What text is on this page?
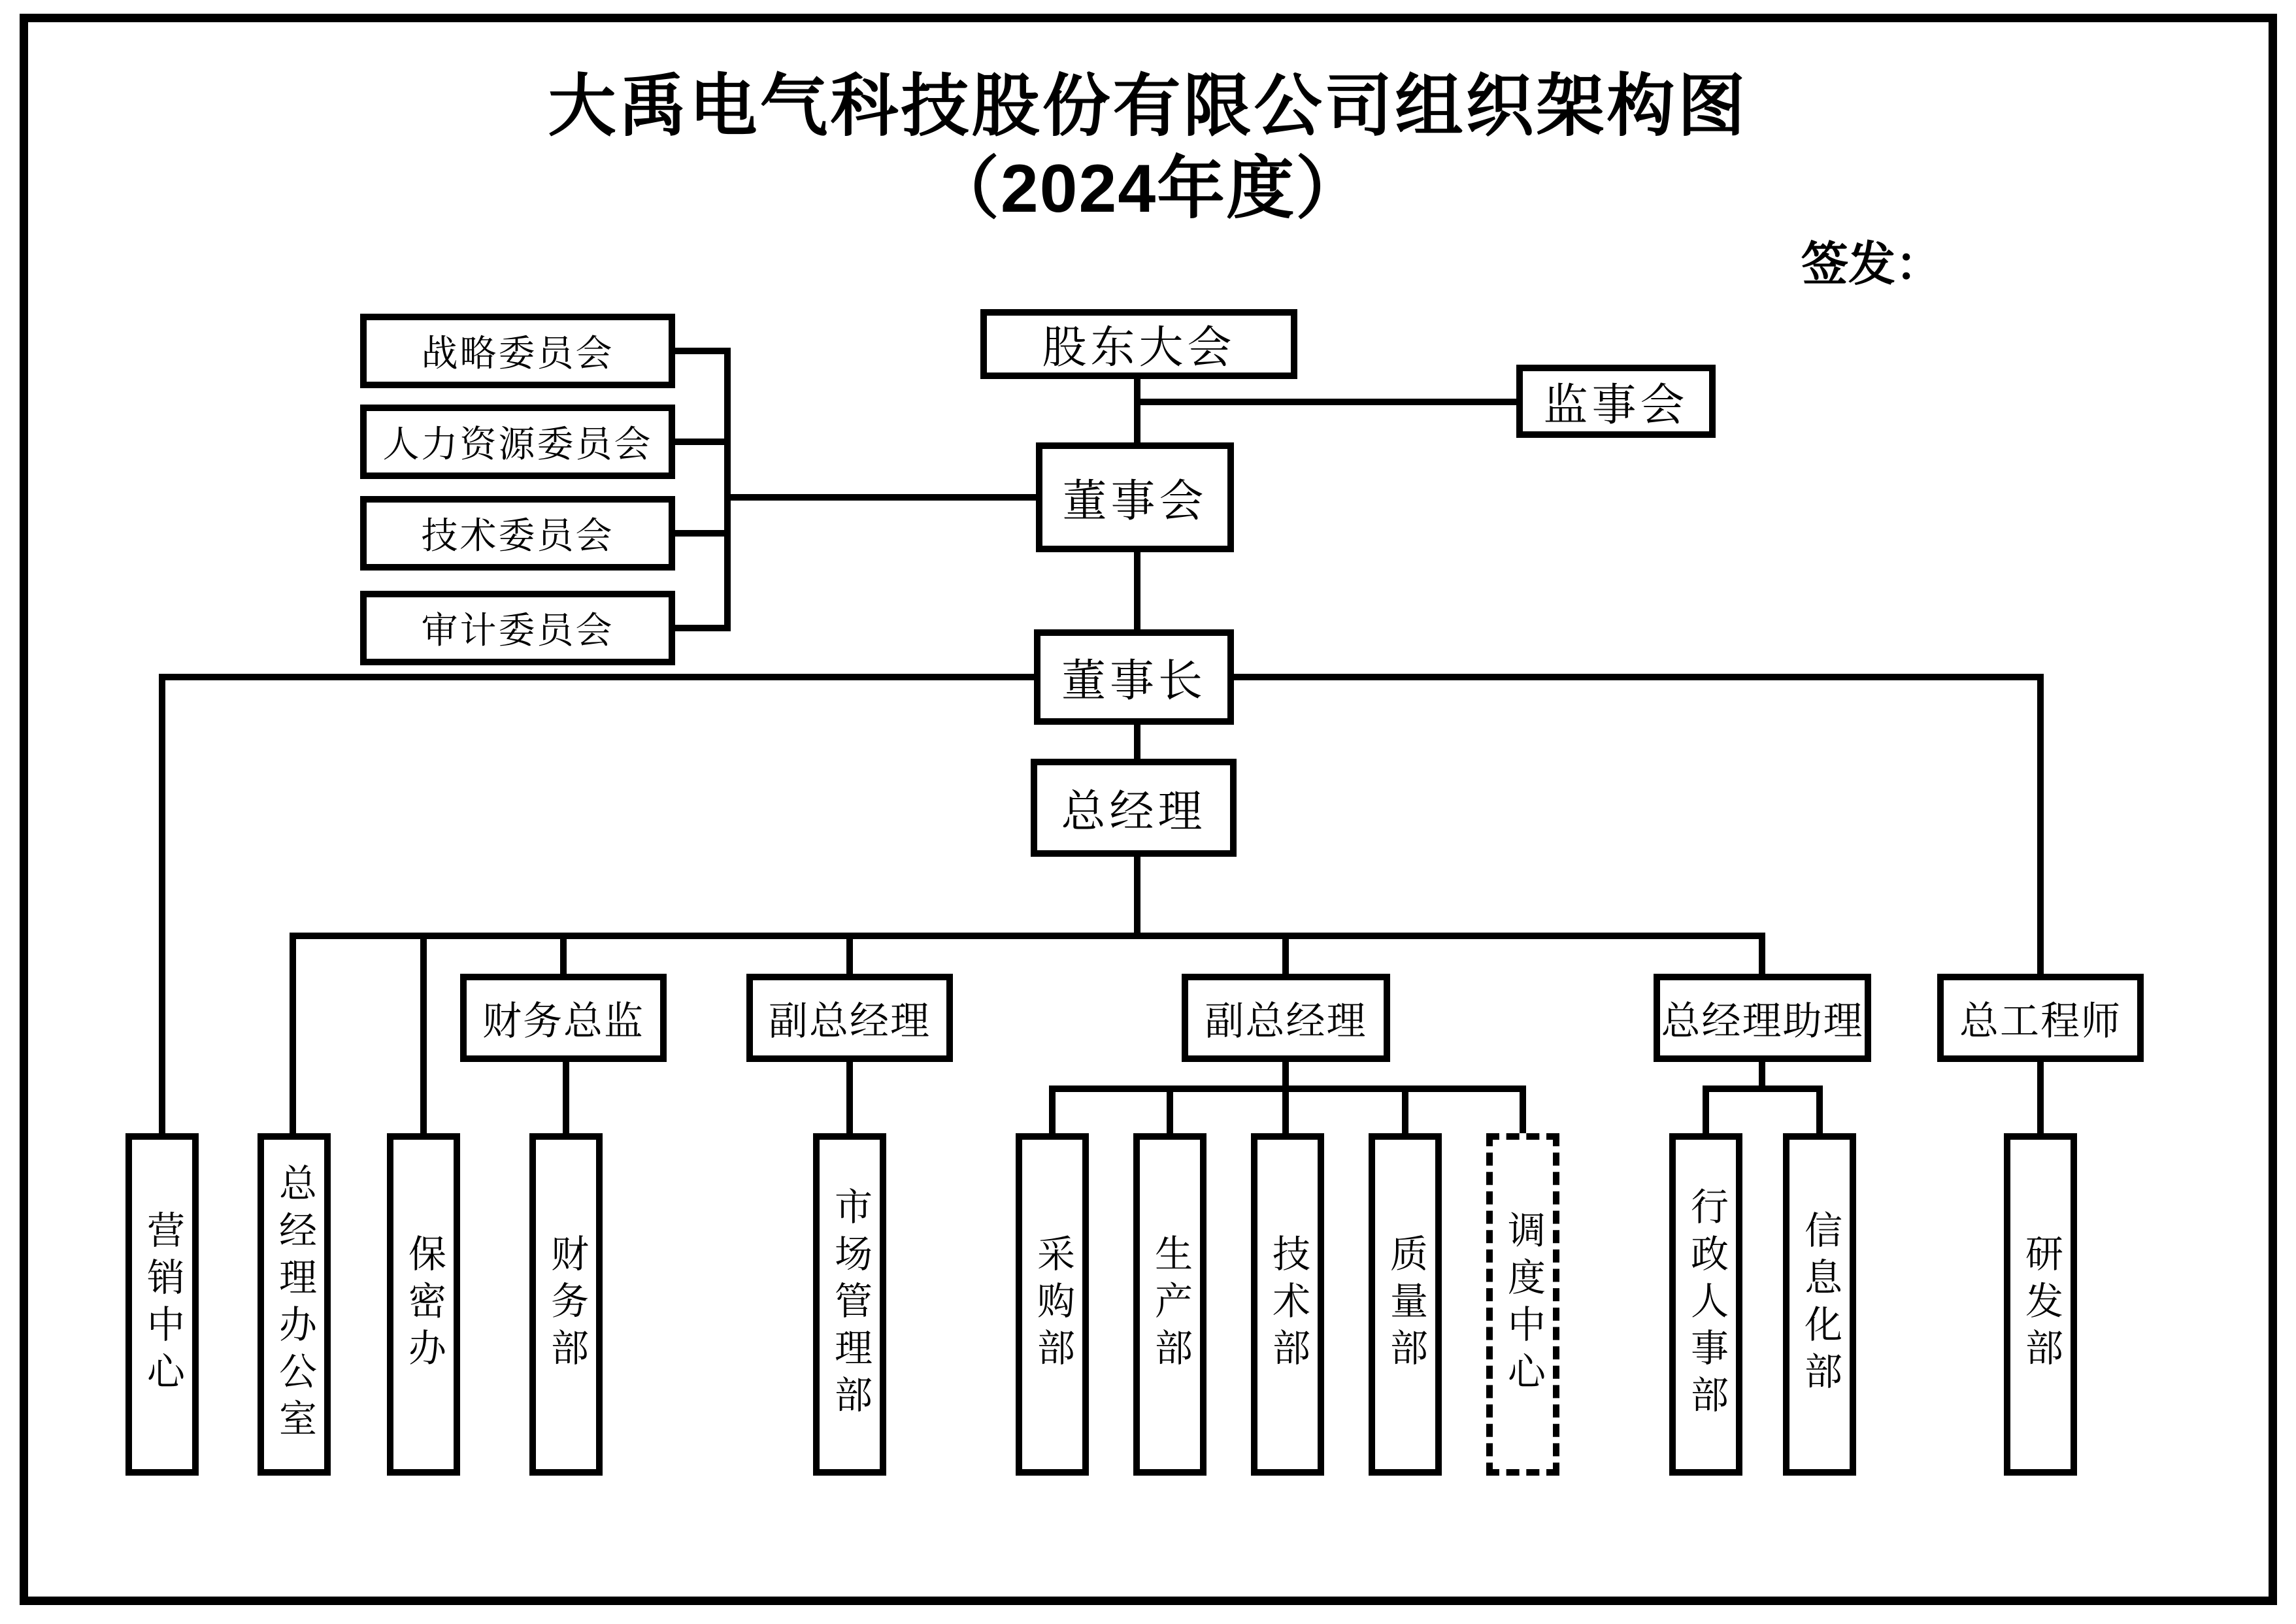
大禹电气科技股份有限公司组织架构图
（2024年度）
签发：
股东大会
监事会
董事会
战略委员会
人力资源委员会
技术委员会
审计委员会
董事长
总经理
财务总监	副总经理	副总经理	总经理助理	总工程师
营销中心	总经理办公室	保密办	财务部	市场管理部	采购部	生产部	技术部	质量部	调度中心	行政人事部	信息化部	研发部
